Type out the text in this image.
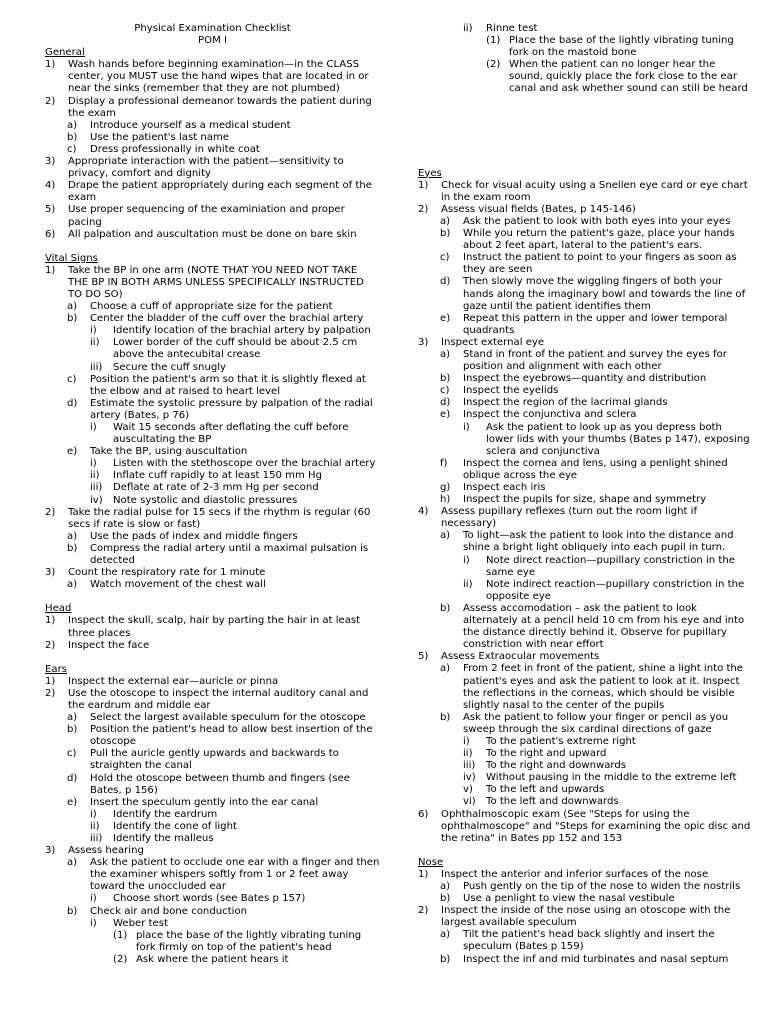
Physical Examination Checklist
POM I
General
1)	Wash hands before beginning examination—in the CLASS center, you MUST use the hand wipes that are located in or near the sinks (remember that they are not plumbed)
2)	Display a professional demeanor towards the patient during the exam
a)	Introduce yourself as a medical student
b)	Use the patient's last name
c)	Dress professionally in white coat
3)	Appropriate interaction with the patient—sensitivity to privacy, comfort and dignity
4)	Drape the patient appropriately during each segment of the exam
5)	Use proper sequencing of the examiniation and proper pacing
6)	All palpation and auscultation must be done on bare skin
Vital Signs
1)	Take the BP in one arm (NOTE THAT YOU NEED NOT TAKE THE BP IN BOTH ARMS UNLESS SPECIFICALLY INSTRUCTED TO DO SO)
a)	Choose a cuff of appropriate size for the patient
b)	Center the bladder of the cuff over the brachial artery
i)	Identify location of the brachial artery by palpation
ii)	Lower border of the cuff should be about 2.5 cm above the antecubital crease
iii)	Secure the cuff snugly
c)	Position the patient's arm so that it is slightly flexed at the elbow and at raised to heart level
d)	Estimate the systolic pressure by palpation of the radial artery (Bates, p 76)
i)	Wait 15 seconds after deflating the cuff before auscultating the BP
e)	Take the BP, using auscultation
i)	Listen with the stethoscope over the brachial artery
ii)	Inflate cuff rapidly to at least 150 mm Hg
iii)	Deflate at rate of 2-3 mm Hg per second
iv)	Note systolic and diastolic pressures
2)	Take the radial pulse for 15 secs if the rhythm is regular (60 secs if rate is slow or fast)
a)	Use the pads of index and middle fingers
b)	Compress the radial artery until a maximal pulsation is detected
3)	Count the respiratory rate for 1 minute
a)	Watch movement of the chest wall
Head
1)	Inspect the skull, scalp, hair by parting the hair in at least three places
2)	Inspect the face
Ears
1)	Inspect the external ear—auricle or pinna
2)	Use the otoscope to inspect the internal auditory canal and the eardrum and middle ear
a)	Select the largest available speculum for the otoscope
b)	Position the patient's head to allow best insertion of the otoscope
c)	Pull the auricle gently upwards and backwards to straighten the canal
d)	Hold the otoscope between thumb and fingers (see Bates, p 156)
e)	Insert the speculum gently into the ear canal
i)	Identify the eardrum
ii)	Identify the cone of light
iii)	Identify the malleus
3)	Assess hearing
a)	Ask the patient to occlude one ear with a finger and then the examiner whispers softly from 1 or 2 feet away toward the unoccluded ear
i)	Choose short words (see Bates p 157)
b)	Check air and bone conduction
i)	Weber test
(1) place the base of the lightly vibrating tuning fork firmly on top of the patient's head
(2) Ask where the patient hears it
ii)	Rinne test
(1) Place the base of the lightly vibrating tuning fork on the mastoid bone
(2) When the patient can no longer hear the sound, quickly place the fork close to the ear canal and ask whether sound can still be heard
Eyes
1)	Check for visual acuity using a Snellen eye card or eye chart in the exam room
2)	Assess visual fields (Bates, p 145-146)
a)	Ask the patient to look with both eyes into your eyes
b)	While you return the patient's gaze, place your hands about 2 feet apart, lateral to the patient's ears.
c)	Instruct the patient to point to your fingers as soon as they are seen
d)	Then slowly move the wiggling fingers of both your hands along the imaginary bowl and towards the line of gaze until the patient identifies them
e)	Repeat this pattern in the upper and lower temporal quadrants
3)	Inspect external eye
a)	Stand in front of the patient and survey the eyes for position and alignment with each other
b)	Inspect the eyebrows—quantity and distribution
c)	Inspect the eyelids
d)	Inspect the region of the lacrimal glands
e)	Inspect the conjunctiva and sclera
i)	Ask the patient to look up as you depress both lower lids with your thumbs (Bates p 147), exposing sclera and conjunctiva
f)	Inspect the cornea and lens, using a penlight shined oblique across the eye
g)	Inspect each iris
h)	Inspect the pupils for size, shape and symmetry
4)	Assess pupillary reflexes (turn out the room light if necessary)
a)	To light—ask the patient to look into the distance and shine a bright light obliquely into each pupil in turn.
i)	Note direct reaction—pupillary constriction in the same eye
ii)	Note indirect reaction—pupillary constriction in the opposite eye
b)	Assess accomodation – ask the patient to look alternately at a pencil held 10 cm from his eye and into the distance directly behind it. Observe for pupillary constriction with near effort
5)	Assess Extraocular movements
a)	From 2 feet in front of the patient, shine a light into the patient's eyes and ask the patient to look at it. Inspect the reflections in the corneas, which should be visible slightly nasal to the center of the pupils
b)	Ask the patient to follow your finger or pencil as you sweep through the six cardinal directions of gaze
i)	To the patient's extreme right
ii)	To the right and upward
iii)	To the right and downwards
iv)	Without pausing in the middle to the extreme left
v)	To the left and upwards
vi)	To the left and downwards
6)	Ophthalmoscopic exam (See "Steps for using the ophthalmoscope" and "Steps for examining the opic disc and the retina" in Bates pp 152 and 153
Nose
1)	Inspect the anterior and inferior surfaces of the nose
a)	Push gently on the tip of the nose to widen the nostrils
b)	Use a penlight to view the nasal vestibule
2)	Inspect the inside of the nose using an otoscope with the largest available speculum
a)	Tilt the patient's head back slightly and insert the speculum (Bates p 159)
b)	Inspect the inf and mid turbinates and nasal septum
